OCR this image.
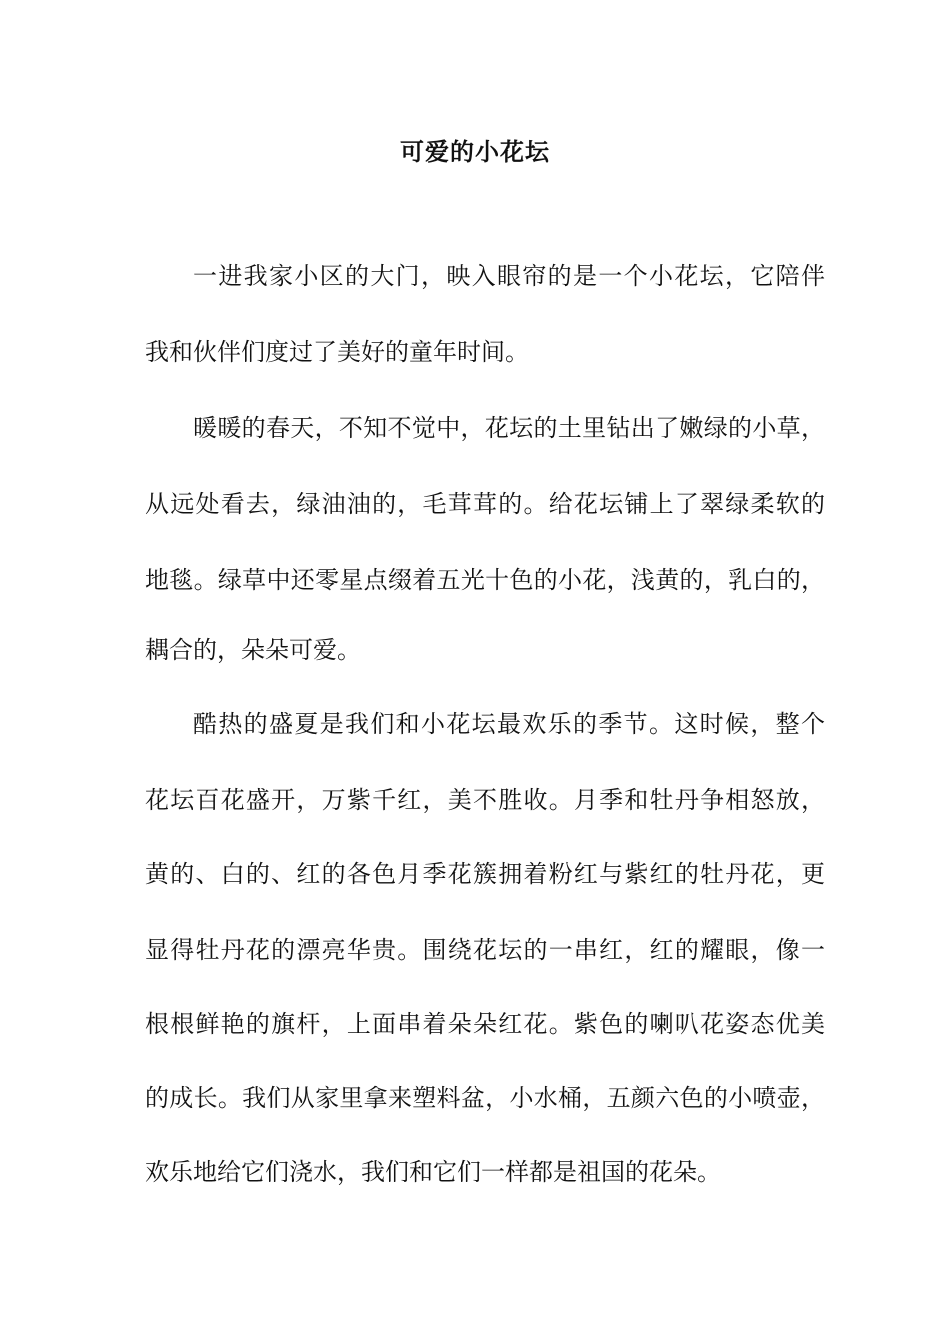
可爱的小花坛
一进我家小区的大门，映入眼帘的是一个小花坛，它陪伴
我和伙伴们度过了美好的童年时间。
暖暖的春天，不知不觉中，花坛的土里钻出了嫩绿的小草，
从远处看去，绿油油的，毛茸茸的。给花坛铺上了翠绿柔软的
地毯。绿草中还零星点缀着五光十色的小花，浅黄的，乳白的，
耦合的，朵朵可爱。
酷热的盛夏是我们和小花坛最欢乐的季节。这时候，整个
花坛百花盛开，万紫千红，美不胜收。月季和牡丹争相怒放，
黄的、白的、红的各色月季花簇拥着粉红与紫红的牡丹花，更
显得牡丹花的漂亮华贵。围绕花坛的一串红，红的耀眼，像一
根根鲜艳的旗杆，上面串着朵朵红花。紫色的喇叭花姿态优美
的成长。我们从家里拿来塑料盆，小水桶，五颜六色的小喷壶，
欢乐地给它们浇水，我们和它们一样都是祖国的花朵。
